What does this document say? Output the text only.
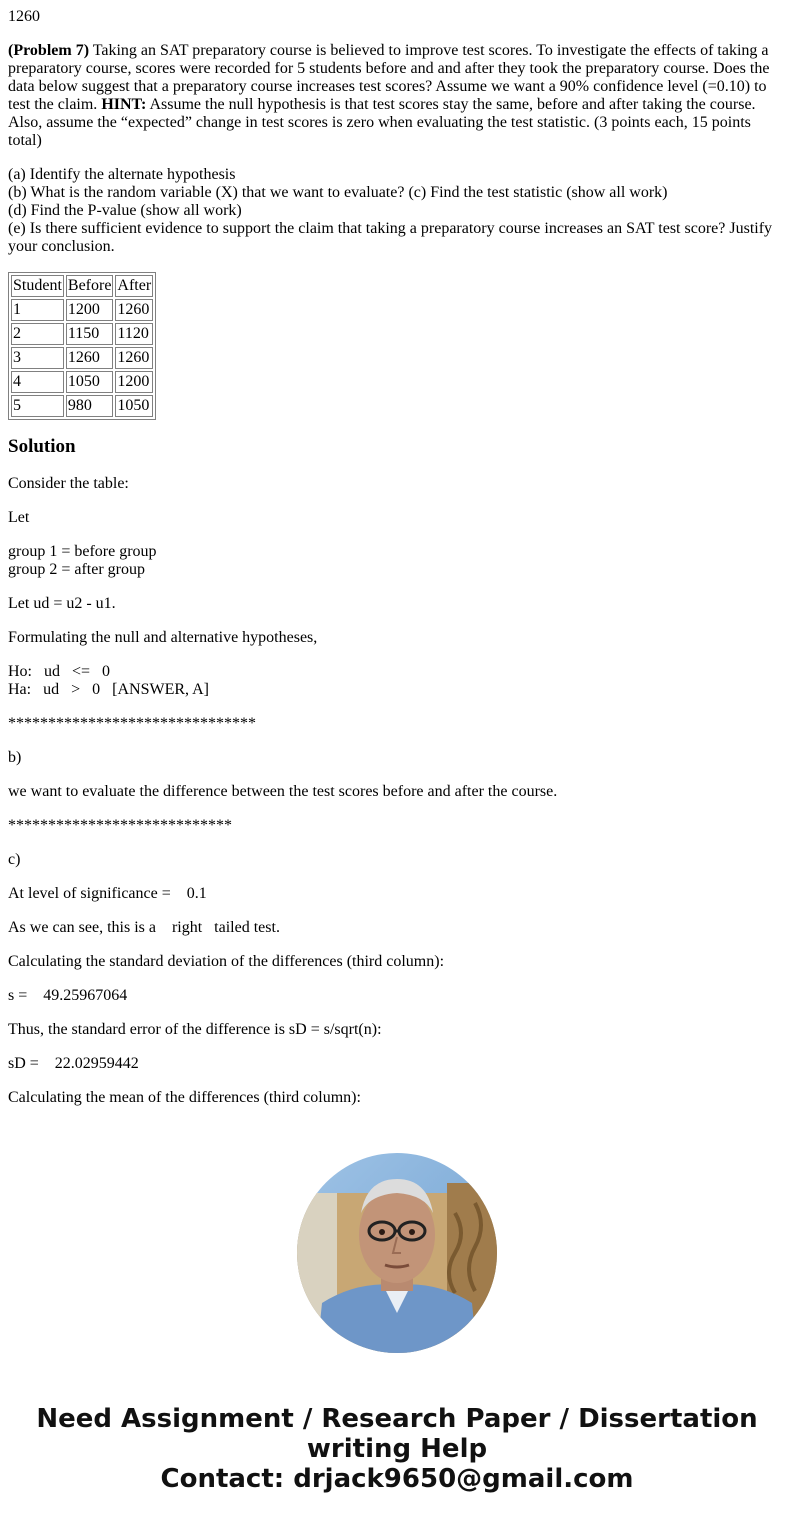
1260

(Problem 7) Taking an SAT preparatory course is believed to improve test scores. To investigate the effects of taking a preparatory course, scores were recorded for 5 students before and and after they took the preparatory course. Does the data below suggest that a preparatory course increases test scores? Assume we want a 90% confidence level (=0.10) to test the claim. HINT: Assume the null hypothesis is that test scores stay the same, before and after taking the course. Also, assume the “expected” change in test scores is zero when evaluating the test statistic. (3 points each, 15 points total)

(a) Identify the alternate hypothesis
(b) What is the random variable (X) that we want to evaluate? (c) Find the test statistic (show all work)
(d) Find the P-value (show all work)
(e) Is there sufficient evidence to support the claim that taking a preparatory course increases an SAT test score? Justify your conclusion.

Student	Before	After
1	1200	1260
2	1150	1120
3	1260	1260
4	1050	1200
5	980	1050
Solution

Consider the table:

Let

group 1 = before group
group 2 = after group

Let ud = u2 - u1.

Formulating the null and alternative hypotheses,

Ho:   ud   <=   0
Ha:   ud   >   0   [ANSWER, A]

*******************************

b)

we want to evaluate the difference between the test scores before and after the course.

****************************

c)

At level of significance =    0.1

As we can see, this is a    right   tailed test.

Calculating the standard deviation of the differences (third column):

s =    49.25967064

Thus, the standard error of the difference is sD = s/sqrt(n):

sD =    22.02959442

Calculating the mean of the differences (third column):

Need Assignment / Research Paper / Dissertation
writing Help
Contact: drjack9650@gmail.com
